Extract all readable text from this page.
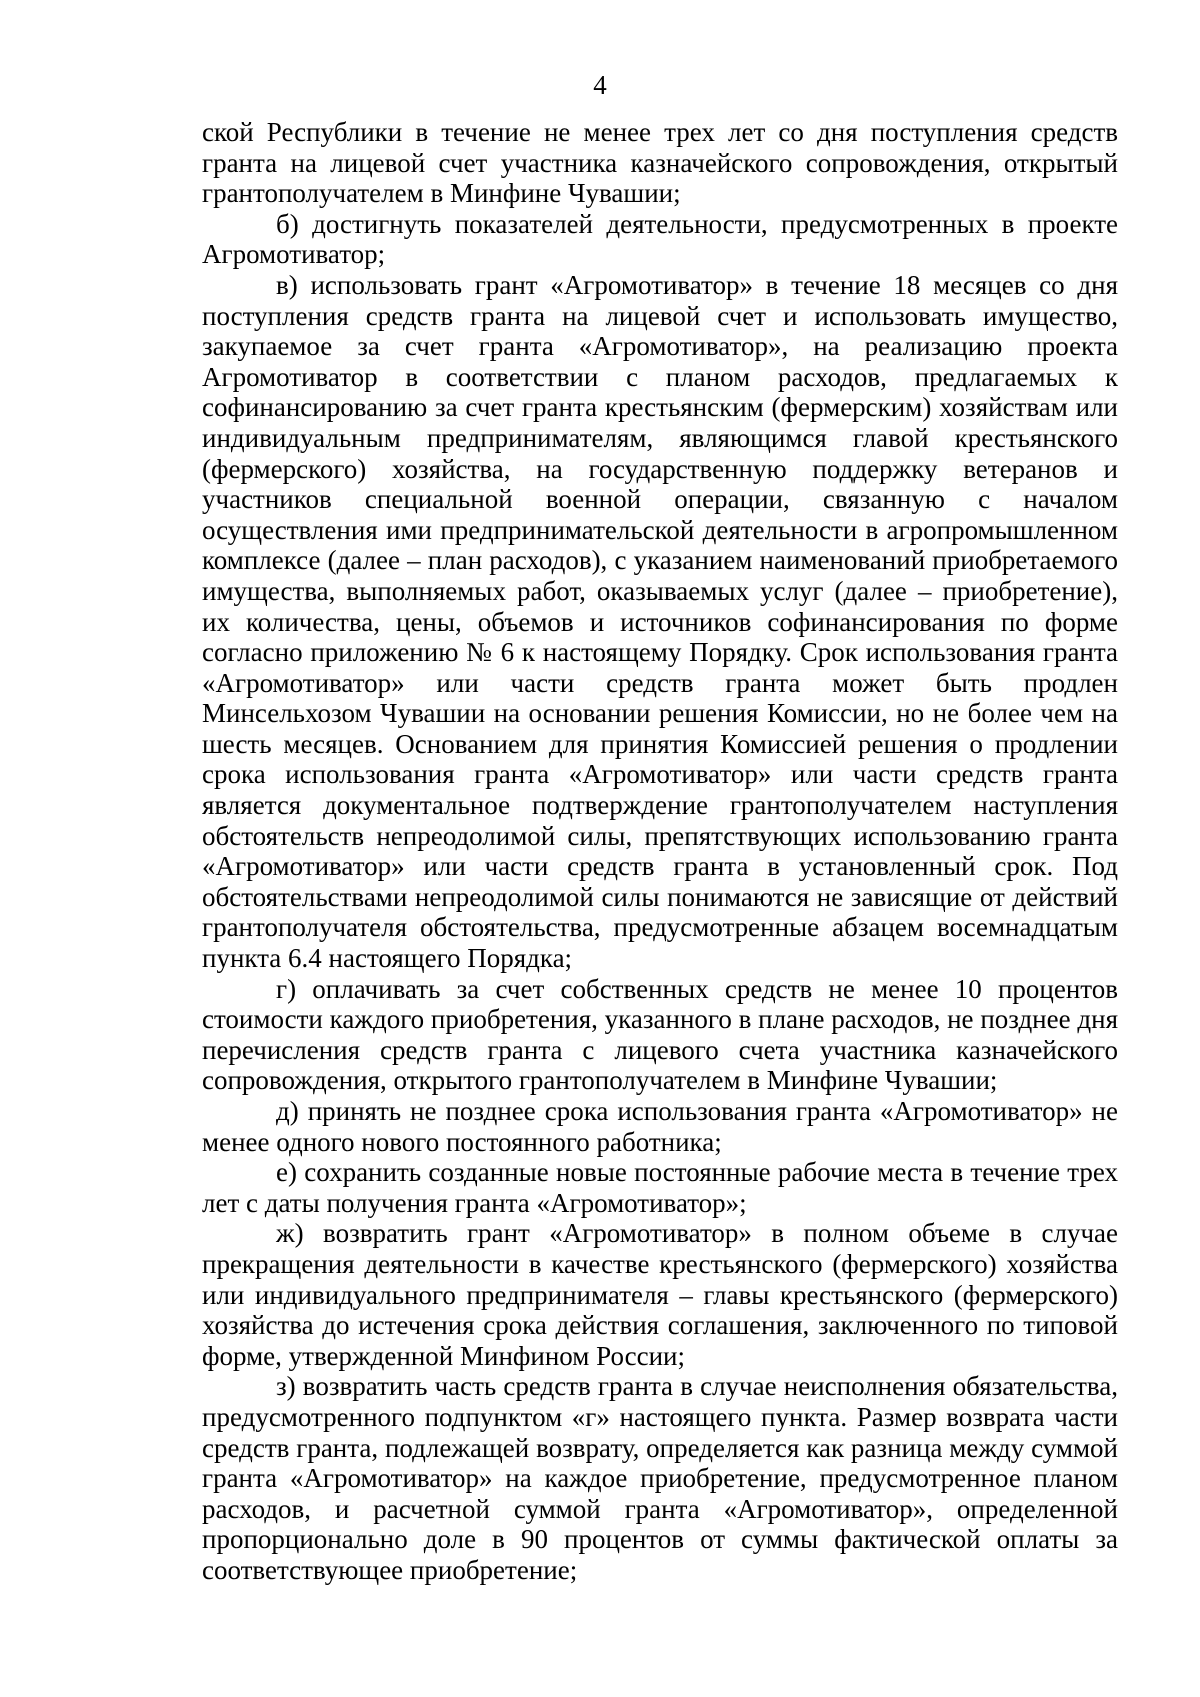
4

ской Республики в течение не менее трех лет со дня поступления средств гранта на лицевой счет участника казначейского сопровождения, открытый грантополучателем в Минфине Чувашии;

б) достигнуть показателей деятельности, предусмотренных в проекте Агромотиватор;

в) использовать грант «Агромотиватор» в течение 18 месяцев со дня поступления средств гранта на лицевой счет и использовать имущество, закупаемое за счет гранта «Агромотиватор», на реализацию проекта Агромотиватор в соответствии с планом расходов, предлагаемых к софинансированию за счет гранта крестьянским (фермерским) хозяйствам или индивидуальным предпринимателям, являющимся главой крестьянского (фермерского) хозяйства, на государственную поддержку ветеранов и участников специальной военной операции, связанную с началом осуществления ими предпринимательской деятельности в агропромышленном комплексе (далее – план расходов), с указанием наименований приобретаемого имущества, выполняемых работ, оказываемых услуг (далее – приобретение), их количества, цены, объемов и источников софинансирования по форме согласно приложению № 6 к настоящему Порядку. Срок использования гранта «Агромотиватор» или части средств гранта может быть продлен Минсельхозом Чувашии на основании решения Комиссии, но не более чем на шесть месяцев. Основанием для принятия Комиссией решения о продлении срока использования гранта «Агромотиватор» или части средств гранта является документальное подтверждение грантополучателем наступления обстоятельств непреодолимой силы, препятствующих использованию гранта «Агромотиватор» или части средств гранта в установленный срок. Под обстоятельствами непреодолимой силы понимаются не зависящие от действий грантополучателя обстоятельства, предусмотренные абзацем восемнадцатым пункта 6.4 настоящего Порядка;

г) оплачивать за счет собственных средств не менее 10 процентов стоимости каждого приобретения, указанного в плане расходов, не позднее дня перечисления средств гранта с лицевого счета участника казначейского сопровождения, открытого грантополучателем в Минфине Чувашии;

д) принять не позднее срока использования гранта «Агромотиватор» не менее одного нового постоянного работника;

е) сохранить созданные новые постоянные рабочие места в течение трех лет с даты получения гранта «Агромотиватор»;

ж) возвратить грант «Агромотиватор» в полном объеме в случае прекращения деятельности в качестве крестьянского (фермерского) хозяйства или индивидуального предпринимателя – главы крестьянского (фермерского) хозяйства до истечения срока действия соглашения, заключенного по типовой форме, утвержденной Минфином России;

з) возвратить часть средств гранта в случае неисполнения обязательства, предусмотренного подпунктом «г» настоящего пункта. Размер возврата части средств гранта, подлежащей возврату, определяется как разница между суммой гранта «Агромотиватор» на каждое приобретение, предусмотренное планом расходов, и расчетной суммой гранта «Агромотиватор», определенной пропорционально доле в 90 процентов от суммы фактической оплаты за соответствующее приобретение;
